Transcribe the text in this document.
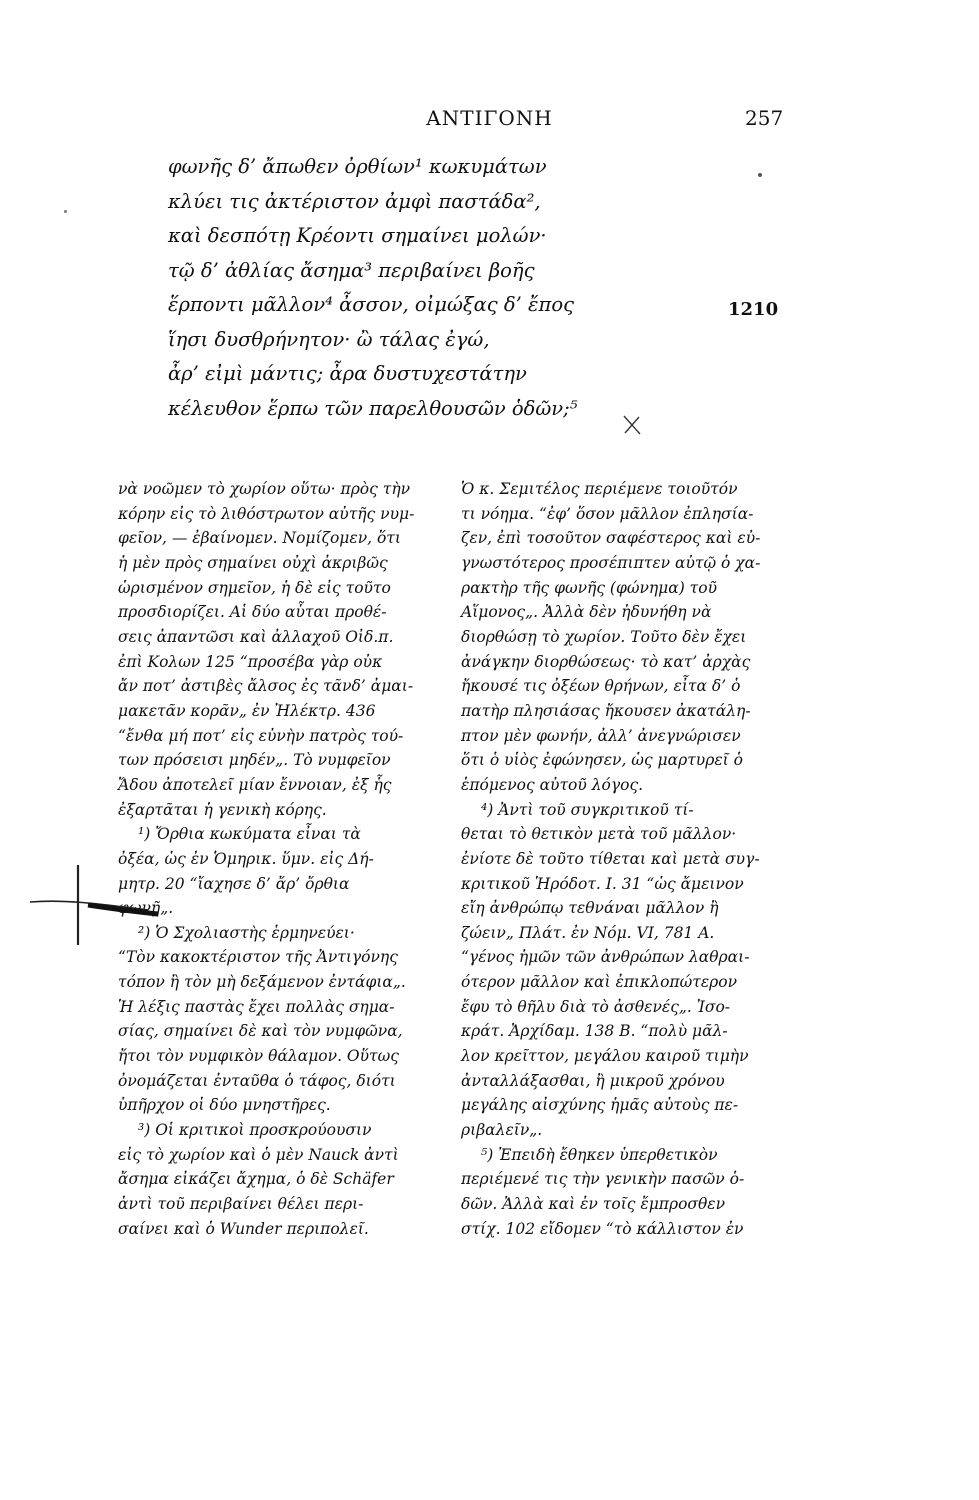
ΑΝΤΙΓΟΝΗ	257
φωνῆς δ’ ἄπωθεν ὀρθίων¹ κωκυμάτων
κλύει τις ἀκτέριστον ἀμφὶ παστάδα²,
καὶ δεσπότῃ Κρέοντι σημαίνει μολών·
τῷ δ’ ἀθλίας ἄσημα³ περιβαίνει βοῆς
ἕρποντι μᾶλλον⁴ ἆσσον, οἰμώξας δ’ ἔπος
ἵησι δυσθρήνητον· ὢ τάλας ἐγώ,
ἆρ’ εἰμὶ μάντις; ἆρα δυστυχεστάτην
κέλευθον ἕρπω τῶν παρελθουσῶν ὁδῶν;⁵
1210
νὰ νοῶμεν τὸ χωρίον οὕτω· πρὸς τὴν
κόρην εἰς τὸ λιθόστρωτον αὐτῆς νυμ-
φεῖον, — ἐβαίνομεν. Νομίζομεν, ὅτι
ἡ μὲν πρὸς σημαίνει οὐχὶ ἀκριβῶς
ὡρισμένον σημεῖον, ἡ δὲ εἰς τοῦτο
προσδιορίζει. Αἱ δύο αὗται προθέ-
σεις ἀπαντῶσι καὶ ἀλλαχοῦ Οἰδ.π.
ἐπὶ Κολων 125 “προσέβα γὰρ οὐκ
ἄν ποτ’ ἀστιβὲς ἄλσος ἐς τᾶνδ’ ἀμαι-
μακετᾶν κορᾶν„ ἐν Ἠλέκτρ. 436
“ἔνθα μή ποτ’ εἰς εὐνὴν πατρὸς τού-
των πρόσεισι μηδέν„. Τὸ νυμφεῖον
Ἄδου ἀποτελεῖ μίαν ἔννοιαν, ἐξ ἧς
ἐξαρτᾶται ἡ γενικὴ κόρης.
¹) Ὄρθια κωκύματα εἶναι τὰ
ὀξέα, ὡς ἐν Ὁμηρικ. ὕμν. εἰς Δή-
μητρ. 20 “ἴαχησε δ’ ἄρ’ ὄρθια
φωνῇ„.
²) Ὁ Σχολιαστὴς ἑρμηνεύει·
“Τὸν κακοκτέριστον τῆς Ἀντιγόνης
τόπον ἢ τὸν μὴ δεξάμενον ἐντάφια„.
Ἡ λέξις παστὰς ἔχει πολλὰς σημα-
σίας, σημαίνει δὲ καὶ τὸν νυμφῶνα,
ἤτοι τὸν νυμφικὸν θάλαμον. Οὕτως
ὀνομάζεται ἐνταῦθα ὁ τάφος, διότι
ὑπῆρχον οἱ δύο μνηστῆρες.
³) Οἱ κριτικοὶ προσκρούουσιν
εἰς τὸ χωρίον καὶ ὁ μὲν Nauck ἀντὶ
ἄσημα εἰκάζει ἄχημα, ὁ δὲ Schäfer
ἀντὶ τοῦ περιβαίνει θέλει περι-
σαίνει καὶ ὁ Wunder περιπολεῖ.
Ὁ κ. Σεμιτέλος περιέμενε τοιοῦτόν
τι νόημα. “ἐφ’ ὅσον μᾶλλον ἐπλησία-
ζεν, ἐπὶ τοσοῦτον σαφέστερος καὶ εὐ-
γνωστότερος προσέπιπτεν αὐτῷ ὁ χα-
ρακτὴρ τῆς φωνῆς (φώνημα) τοῦ
Αἵμονος„. Ἀλλὰ δὲν ἠδυνήθη νὰ
διορθώσῃ τὸ χωρίον. Τοῦτο δὲν ἔχει
ἀνάγκην διορθώσεως· τὸ κατ’ ἀρχὰς
ἤκουσέ τις ὀξέων θρήνων, εἶτα δ’ ὁ
πατὴρ πλησιάσας ἤκουσεν ἀκατάλη-
πτον μὲν φωνήν, ἀλλ’ ἀνεγνώρισεν
ὅτι ὁ υἱὸς ἐφώνησεν, ὡς μαρτυρεῖ ὁ
ἑπόμενος αὐτοῦ λόγος.
⁴) Ἀντὶ τοῦ συγκριτικοῦ τί-
θεται τὸ θετικὸν μετὰ τοῦ μᾶλλον·
ἐνίοτε δὲ τοῦτο τίθεται καὶ μετὰ συγ-
κριτικοῦ Ἡρόδοτ. Ι. 31 “ὡς ἄμεινον
εἴη ἀνθρώπῳ τεθνάναι μᾶλλον ἢ
ζώειν„ Πλάτ. ἐν Νόμ. VI, 781 Α.
“γένος ἡμῶν τῶν ἀνθρώπων λαθραι-
ότερον μᾶλλον καὶ ἐπικλοπώτερον
ἔφυ τὸ θῆλυ διὰ τὸ ἀσθενές„. Ἰσο-
κράτ. Ἀρχίδαμ. 138 Β. “πολὺ μᾶλ-
λον κρεῖττον, μεγάλου καιροῦ τιμὴν
ἀνταλλάξασθαι, ἢ μικροῦ χρόνου
μεγάλης αἰσχύνης ἡμᾶς αὐτοὺς πε-
ριβαλεῖν„.
⁵) Ἐπειδὴ ἔθηκεν ὑπερθετικὸν
περιέμενέ τις τὴν γενικὴν πασῶν ὁ-
δῶν. Ἀλλὰ καὶ ἐν τοῖς ἔμπροσθεν
στίχ. 102 εἴδομεν “τὸ κάλλιστον ἐν
